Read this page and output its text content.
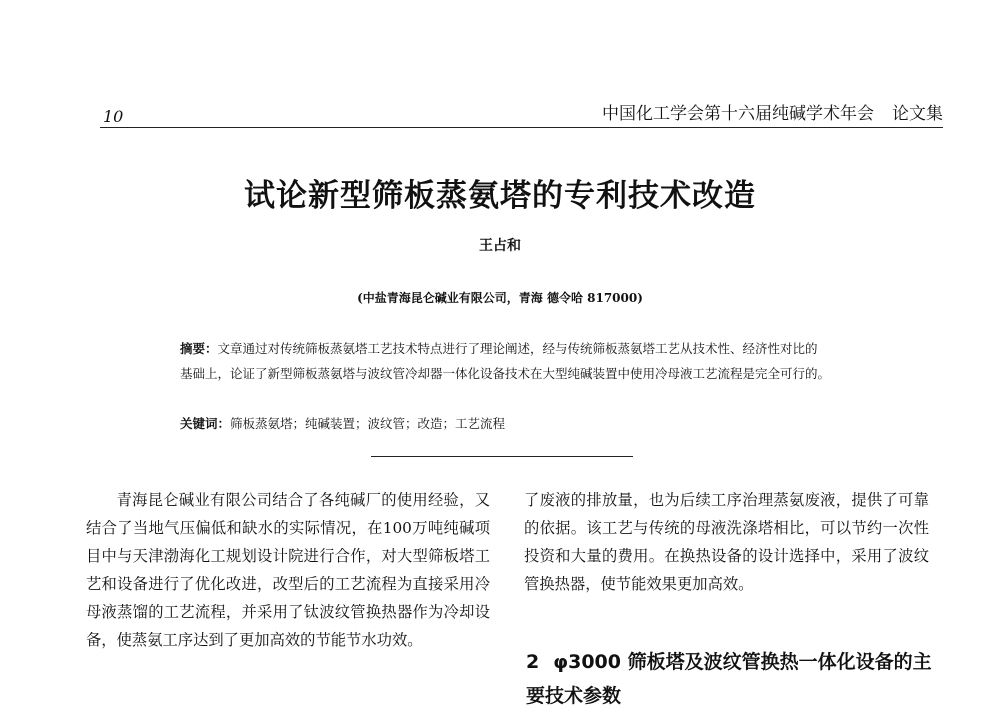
10	中国化工学会第十六届纯碱学术年会 论文集
试论新型筛板蒸氨塔的专利技术改造
王占和
(中盐青海昆仑碱业有限公司，青海 德令哈 817000)
摘要：文章通过对传统筛板蒸氨塔工艺技术特点进行了理论阐述，经与传统筛板蒸氨塔工艺从技术性、经济性对比的基础上，论证了新型筛板蒸氨塔与波纹管冷却器一体化设备技术在大型纯碱装置中使用冷母液工艺流程是完全可行的。
关键词：筛板蒸氨塔；纯碱装置；波纹管；改造；工艺流程
青海昆仑碱业有限公司结合了各纯碱厂的使用经验，又结合了当地气压偏低和缺水的实际情况，在100万吨纯碱项目中与天津渤海化工规划设计院进行合作，对大型筛板塔工艺和设备进行了优化改进，改型后的工艺流程为直接采用冷母液蒸馏的工艺流程，并采用了钛波纹管换热器作为冷却设备，使蒸氨工序达到了更加高效的节能节水功效。
了废液的排放量，也为后续工序治理蒸氨废液，提供了可靠的依据。该工艺与传统的母液洗涤塔相比，可以节约一次性投资和大量的费用。在换热设备的设计选择中，采用了波纹管换热器，使节能效果更加高效。
2 φ3000 筛板塔及波纹管换热一体化设备的主要技术参数
